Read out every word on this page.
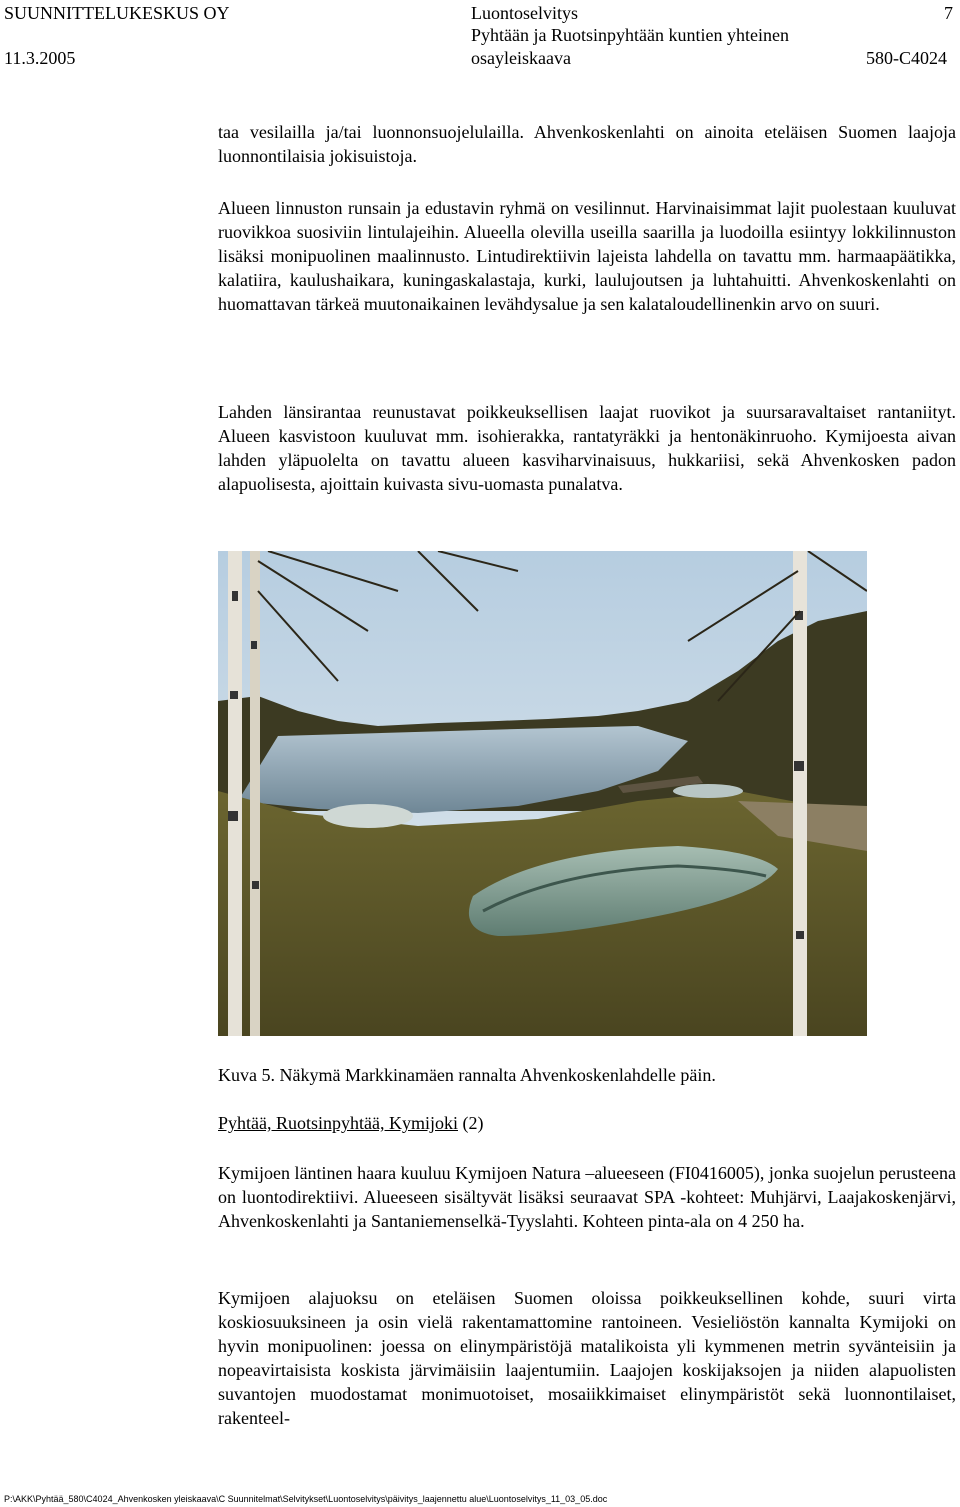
SUUNNITTELUKESKUS OY
11.3.2005
Luontoselvitys
Pyhtään ja Ruotsinpyhtään kuntien yhteinen
osayleiskaava
7
580-C4024

taa vesilailla ja/tai luonnonsuojelulailla. Ahvenkoskenlahti on ainoita eteläisen Suomen laajoja luonnontilaisia jokisuistoja.

Alueen linnuston runsain ja edustavin ryhmä on vesilinnut. Harvinaisimmat lajit puolestaan kuuluvat ruovikkoa suosiviin lintulajeihin. Alueella olevilla useilla saarilla ja luodoilla esiintyy lokkilinnuston lisäksi monipuolinen maalinnusto. Lintudirektiivin lajeista lahdella on tavattu mm. harmaapäätikka, kalatiira, kaulushaikara, kuningaskalastaja, kurki, laulujoutsen ja luhtahuitti. Ahvenkoskenlahti on huomattavan tärkeä muutonaikainen levähdysalue ja sen kalataloudellinenkin arvo on suuri.

Lahden länsirantaa reunustavat poikkeuksellisen laajat ruovikot ja suursaravaltaiset rantaniityt. Alueen kasvistoon kuuluvat mm. isohierakka, rantatyräkki ja hentonäkinruoho. Kymijoesta aivan lahden yläpuolelta on tavattu alueen kasviharvinaisuus, hukkariisi, sekä Ahvenkosken padon alapuolisesta, ajoittain kuivasta sivu-uomasta punalatva.

Kuva 5. Näkymä Markkinamäen rannalta Ahvenkoskenlahdelle päin.
Pyhtää, Ruotsinpyhtää, Kymijoki (2)

Kymijoen läntinen haara kuuluu Kymijoen Natura –alueeseen (FI0416005), jonka suojelun perusteena on luontodirektiivi. Alueeseen sisältyvät lisäksi seuraavat SPA -kohteet: Muhjärvi, Laajakoskenjärvi, Ahvenkoskenlahti ja Santaniemenselkä-Tyyslahti. Kohteen pinta-ala on 4 250 ha.

Kymijoen alajuoksu on eteläisen Suomen oloissa poikkeuksellinen kohde, suuri virta koskiosuuksineen ja osin vielä rakentamattomine rantoineen. Vesieliöstön kannalta Kymijoki on hyvin monipuolinen: joessa on elinympäristöjä matalikoista yli kymmenen metrin syvänteisiin ja nopeavirtaisista koskista järvimäisiin laajentumiin. Laajojen koskijaksojen ja niiden alapuolisten suvantojen muodostamat monimuotoiset, mosaiikkimaiset elinympäristöt sekä luonnontilaiset, rakenteel-

P:\AKK\Pyhtää_580\C4024_Ahvenkosken yleiskaava\C Suunnitelmat\Selvitykset\Luontoselvitys\päivitys_laajennettu alue\Luontoselvitys_11_03_05.doc
